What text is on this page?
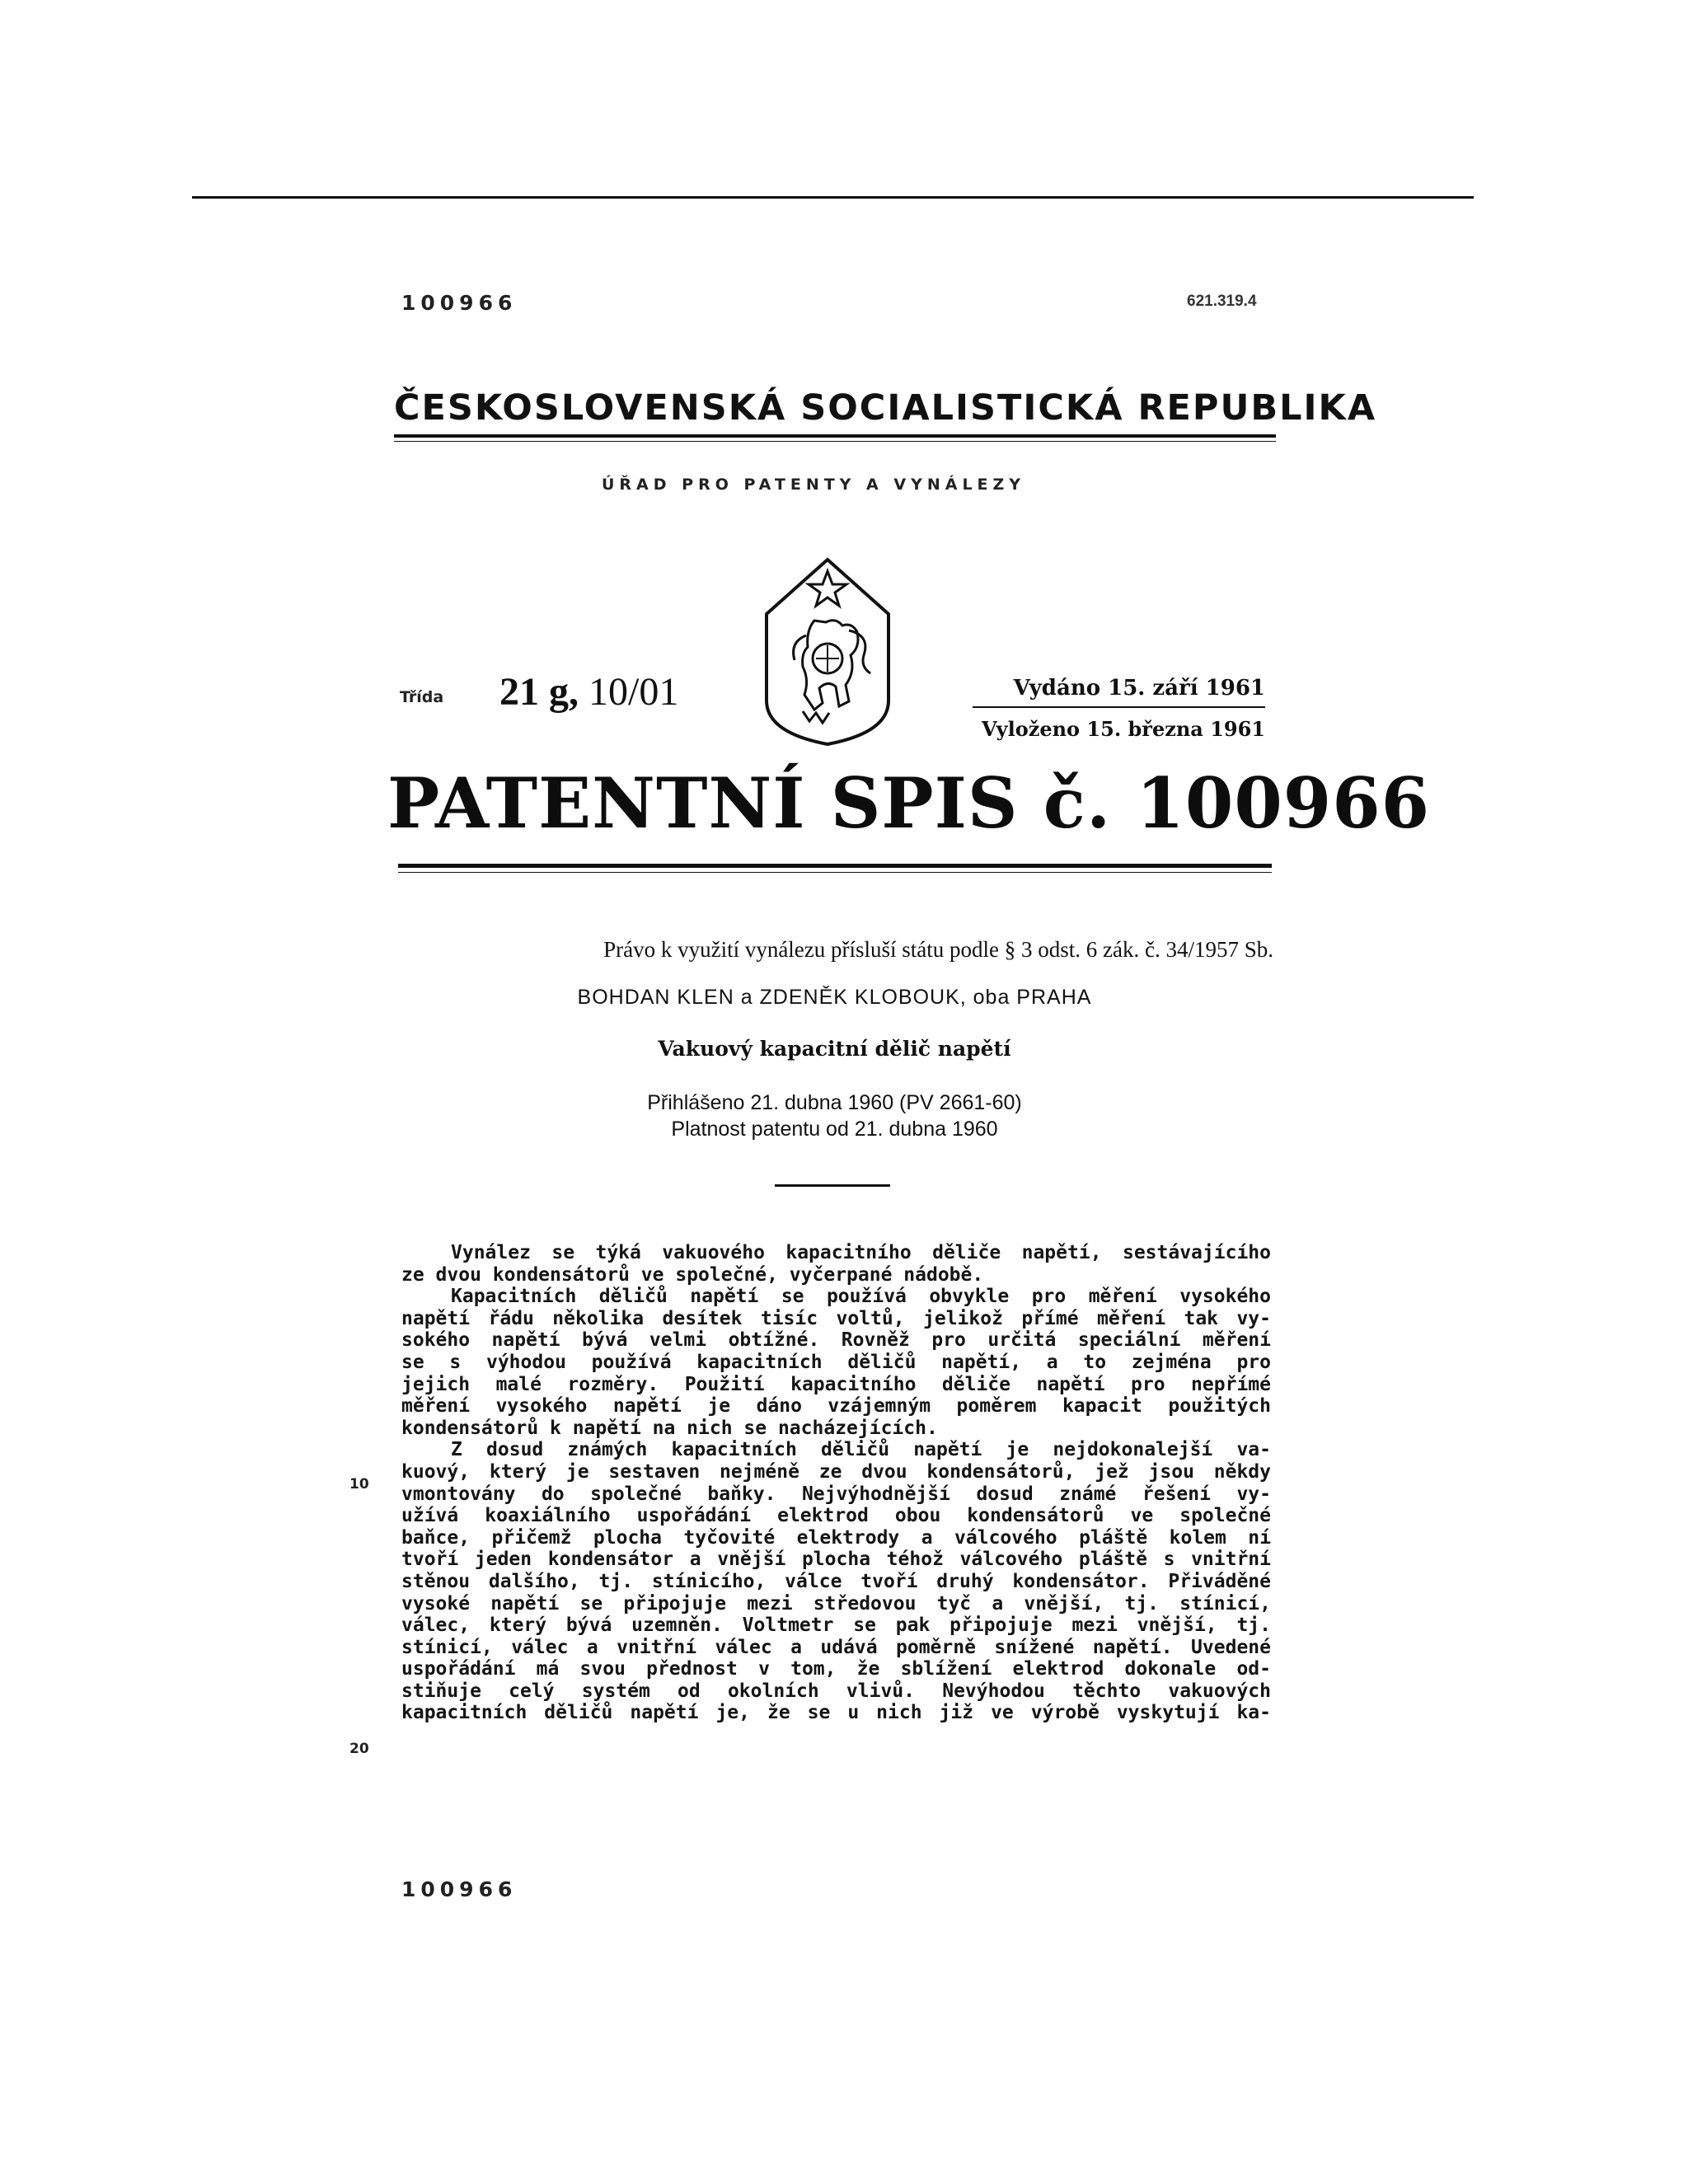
100966	621.319.4
ČESKOSLOVENSKÁ SOCIALISTICKÁ REPUBLIKA
ÚŘAD PRO PATENTY A VYNÁLEZY
Třída 21 g, 10/01	Vydáno 15. září 1961
Vyloženo 15. března 1961
PATENTNÍ SPIS č. 100966
Právo k využití vynálezu přísluší státu podle § 3 odst. 6 zák. č. 34/1957 Sb.
BOHDAN KLEN a ZDENĚK KLOBOUK, oba PRAHA
Vakuový kapacitní dělič napětí
Přihlášeno 21. dubna 1960 (PV 2661-60)
Platnost patentu od 21. dubna 1960
Vynález se týká vakuového kapacitního děliče napětí, sestávajícího
ze dvou kondensátorů ve společné, vyčerpané nádobě.
Kapacitních děličů napětí se používá obvykle pro měření vysokého
napětí řádu několika desítek tisíc voltů, jelikož přímé měření tak vy-
sokého napětí bývá velmi obtížné. Rovněž pro určitá speciální měření
se s výhodou používá kapacitních děličů napětí, a to zejména pro
jejich malé rozměry. Použití kapacitního děliče napětí pro nepřímé
měření vysokého napětí je dáno vzájemným poměrem kapacit použitých
kondensátorů k napětí na nich se nacházejících.
Z dosud známých kapacitních děličů napětí je nejdokonalejší va-
kuový, který je sestaven nejméně ze dvou kondensátorů, jež jsou někdy
vmontovány do společné baňky. Nejvýhodnější dosud známé řešení vy-
užívá koaxiálního uspořádání elektrod obou kondensátorů ve společné
baňce, přičemž plocha tyčovité elektrody a válcového pláště kolem ní
tvoří jeden kondensátor a vnější plocha téhož válcového pláště s vnitřní
stěnou dalšího, tj. stínicího, válce tvoří druhý kondensátor. Přiváděné
vysoké napětí se připojuje mezi středovou tyč a vnější, tj. stínicí,
válec, který bývá uzemněn. Voltmetr se pak připojuje mezi vnější, tj.
stínicí, válec a vnitřní válec a udává poměrně snížené napětí. Uvedené
uspořádání má svou přednost v tom, že sblížení elektrod dokonale od-
stiňuje celý systém od okolních vlivů. Nevýhodou těchto vakuových
kapacitních děličů napětí je, že se u nich již ve výrobě vyskytují ka-
10
20
100966
